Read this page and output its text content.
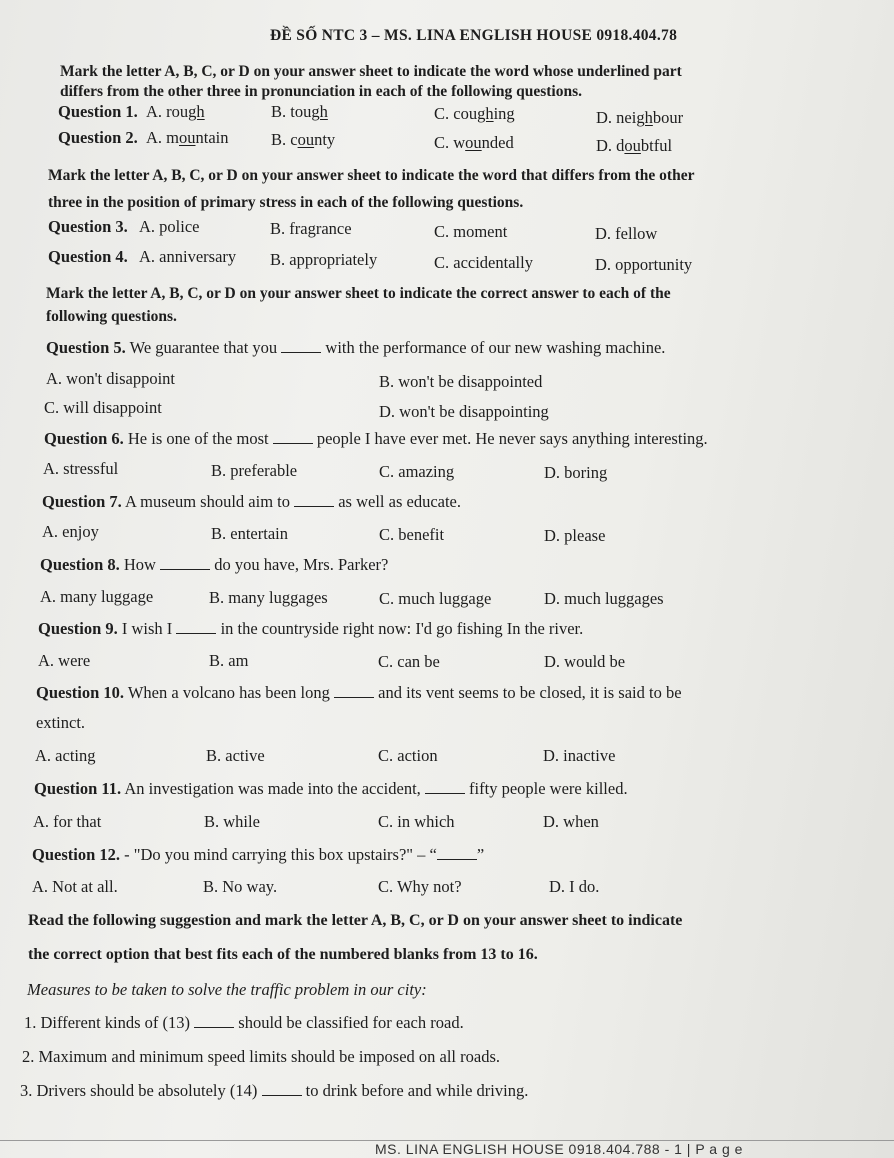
ĐỀ SỐ NTC 3 – MS. LINA ENGLISH HOUSE 0918.404.78
Mark the letter A, B, C, or D on your answer sheet to indicate the word whose underlined part
differs from the other three in pronunciation in each of the following questions.
Question 1. A. rough	B. tough	C. coughing	D. neighbour
Question 2. A. mountain	B. county	C. wounded	D. doubtful
Mark the letter A, B, C, or D on your answer sheet to indicate the word that differs from the other
three in the position of primary stress in each of the following questions.
Question 3. A. police	B. fragrance	C. moment	D. fellow
Question 4. A. anniversary B. appropriately	C. accidentally	D. opportunity
Mark the letter A, B, C, or D on your answer sheet to indicate the correct answer to each of the
following questions.
Question 5. We guarantee that you  with the performance of our new washing machine.
A. won't disappoint	B. won't be disappointed
C. will disappoint	D. won't be disappointing
Question 6. He is one of the most  people I have ever met. He never says anything interesting.
A. stressful	B. preferable	C. amazing	D. boring
Question 7. A museum should aim to  as well as educate.
A. enjoy	B. entertain	C. benefit	D. please
Question 8. How	do you have, Mrs. Parker?
A. many luggage	B. many luggages	C. much luggage	D. much luggages
Question 9. I wish I  in the countryside right now: I'd go fishing In the river.
A. were	B. am	C. can be	D. would be
Question 10. When a volcano has been long  and its vent seems to be closed, it is said to be
extinct.
A. acting	B. active	C. action	D. inactive
Question 11. An investigation was made into the accident,  fifty people were killed.
A. for that	B. while	C. in which	D. when
Question 12. - "Do you mind carrying this box upstairs?" – “ ”
A. Not at all.	B. No way.	C. Why not?	D. I do.
Read the following suggestion and mark the letter A, B, C, or D on your answer sheet to indicate
the correct option that best fits each of the numbered blanks from 13 to 16.
Measures to be taken to solve the traffic problem in our city:
1. Different kinds of (13)  should be classified for each road.
2. Maximum and minimum speed limits should be imposed on all roads.
3. Drivers should be absolutely (14)  to drink before and while driving.
MS. LINA ENGLISH HOUSE 0918.404.788 - 1 | P a g e
